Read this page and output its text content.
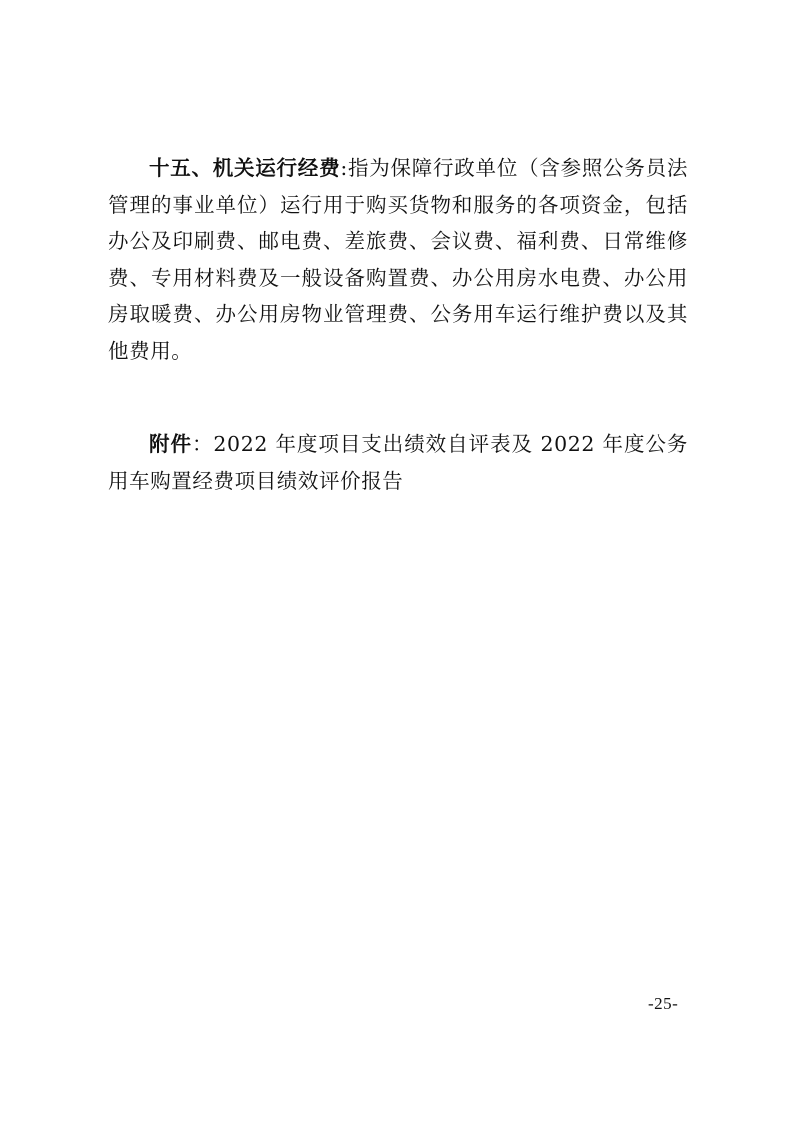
十五、机关运行经费:指为保障行政单位（含参照公务员法管理的事业单位）运行用于购买货物和服务的各项资金，包括办公及印刷费、邮电费、差旅费、会议费、福利费、日常维修费、专用材料费及一般设备购置费、办公用房水电费、办公用房取暖费、办公用房物业管理费、公务用车运行维护费以及其他费用。

附件：2022 年度项目支出绩效自评表及 2022 年度公务用车购置经费项目绩效评价报告

-25-
